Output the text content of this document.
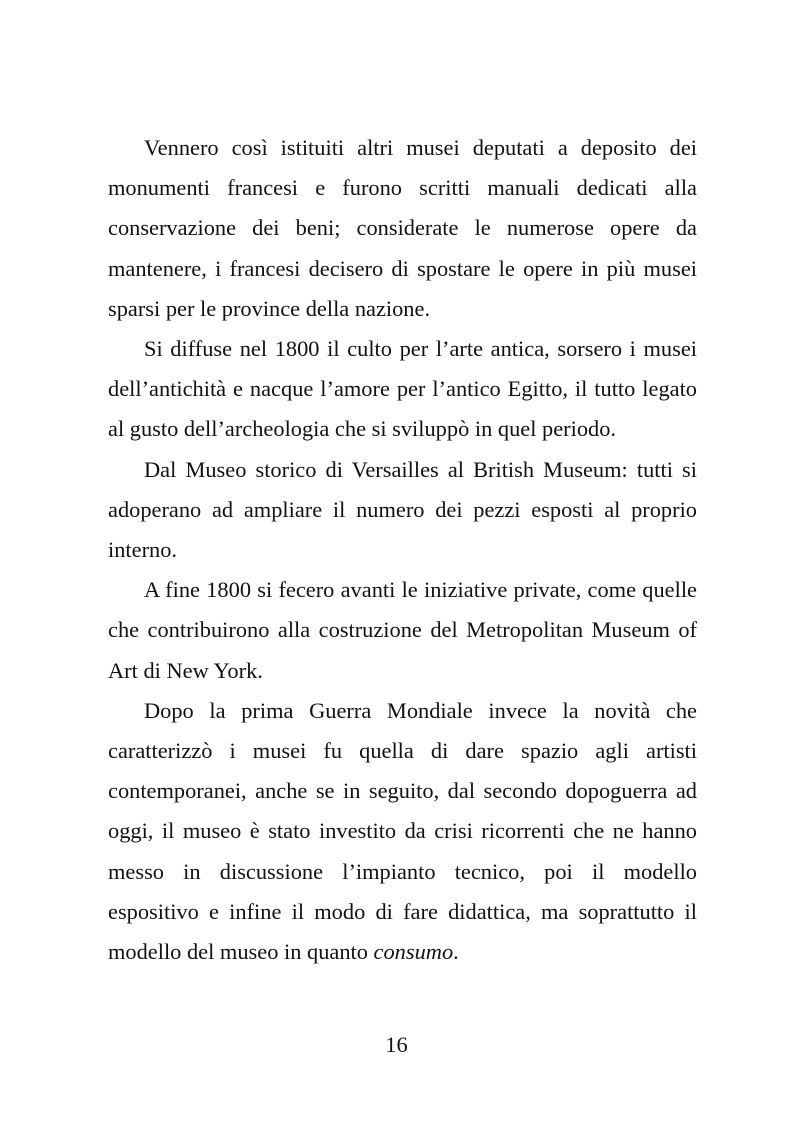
Vennero così istituiti altri musei deputati a deposito dei monumenti francesi e furono scritti manuali dedicati alla conservazione dei beni; considerate le numerose opere da mantenere, i francesi decisero di spostare le opere in più musei sparsi per le province della nazione.

Si diffuse nel 1800 il culto per l’arte antica, sorsero i musei dell’antichità e nacque l’amore per l’antico Egitto, il tutto legato al gusto dell’archeologia che si sviluppò in quel periodo.

Dal Museo storico di Versailles al British Museum: tutti si adoperano ad ampliare il numero dei pezzi esposti al proprio interno.

A fine 1800 si fecero avanti le iniziative private, come quelle che contribuirono alla costruzione del Metropolitan Museum of Art di New York.

Dopo la prima Guerra Mondiale invece la novità che caratterizzò i musei fu quella di dare spazio agli artisti contemporanei, anche se in seguito, dal secondo dopoguerra ad oggi, il museo è stato investito da crisi ricorrenti che ne hanno messo in discussione l’impianto tecnico, poi il modello espositivo e infine il modo di fare didattica, ma soprattutto il modello del museo in quanto consumo.

16
